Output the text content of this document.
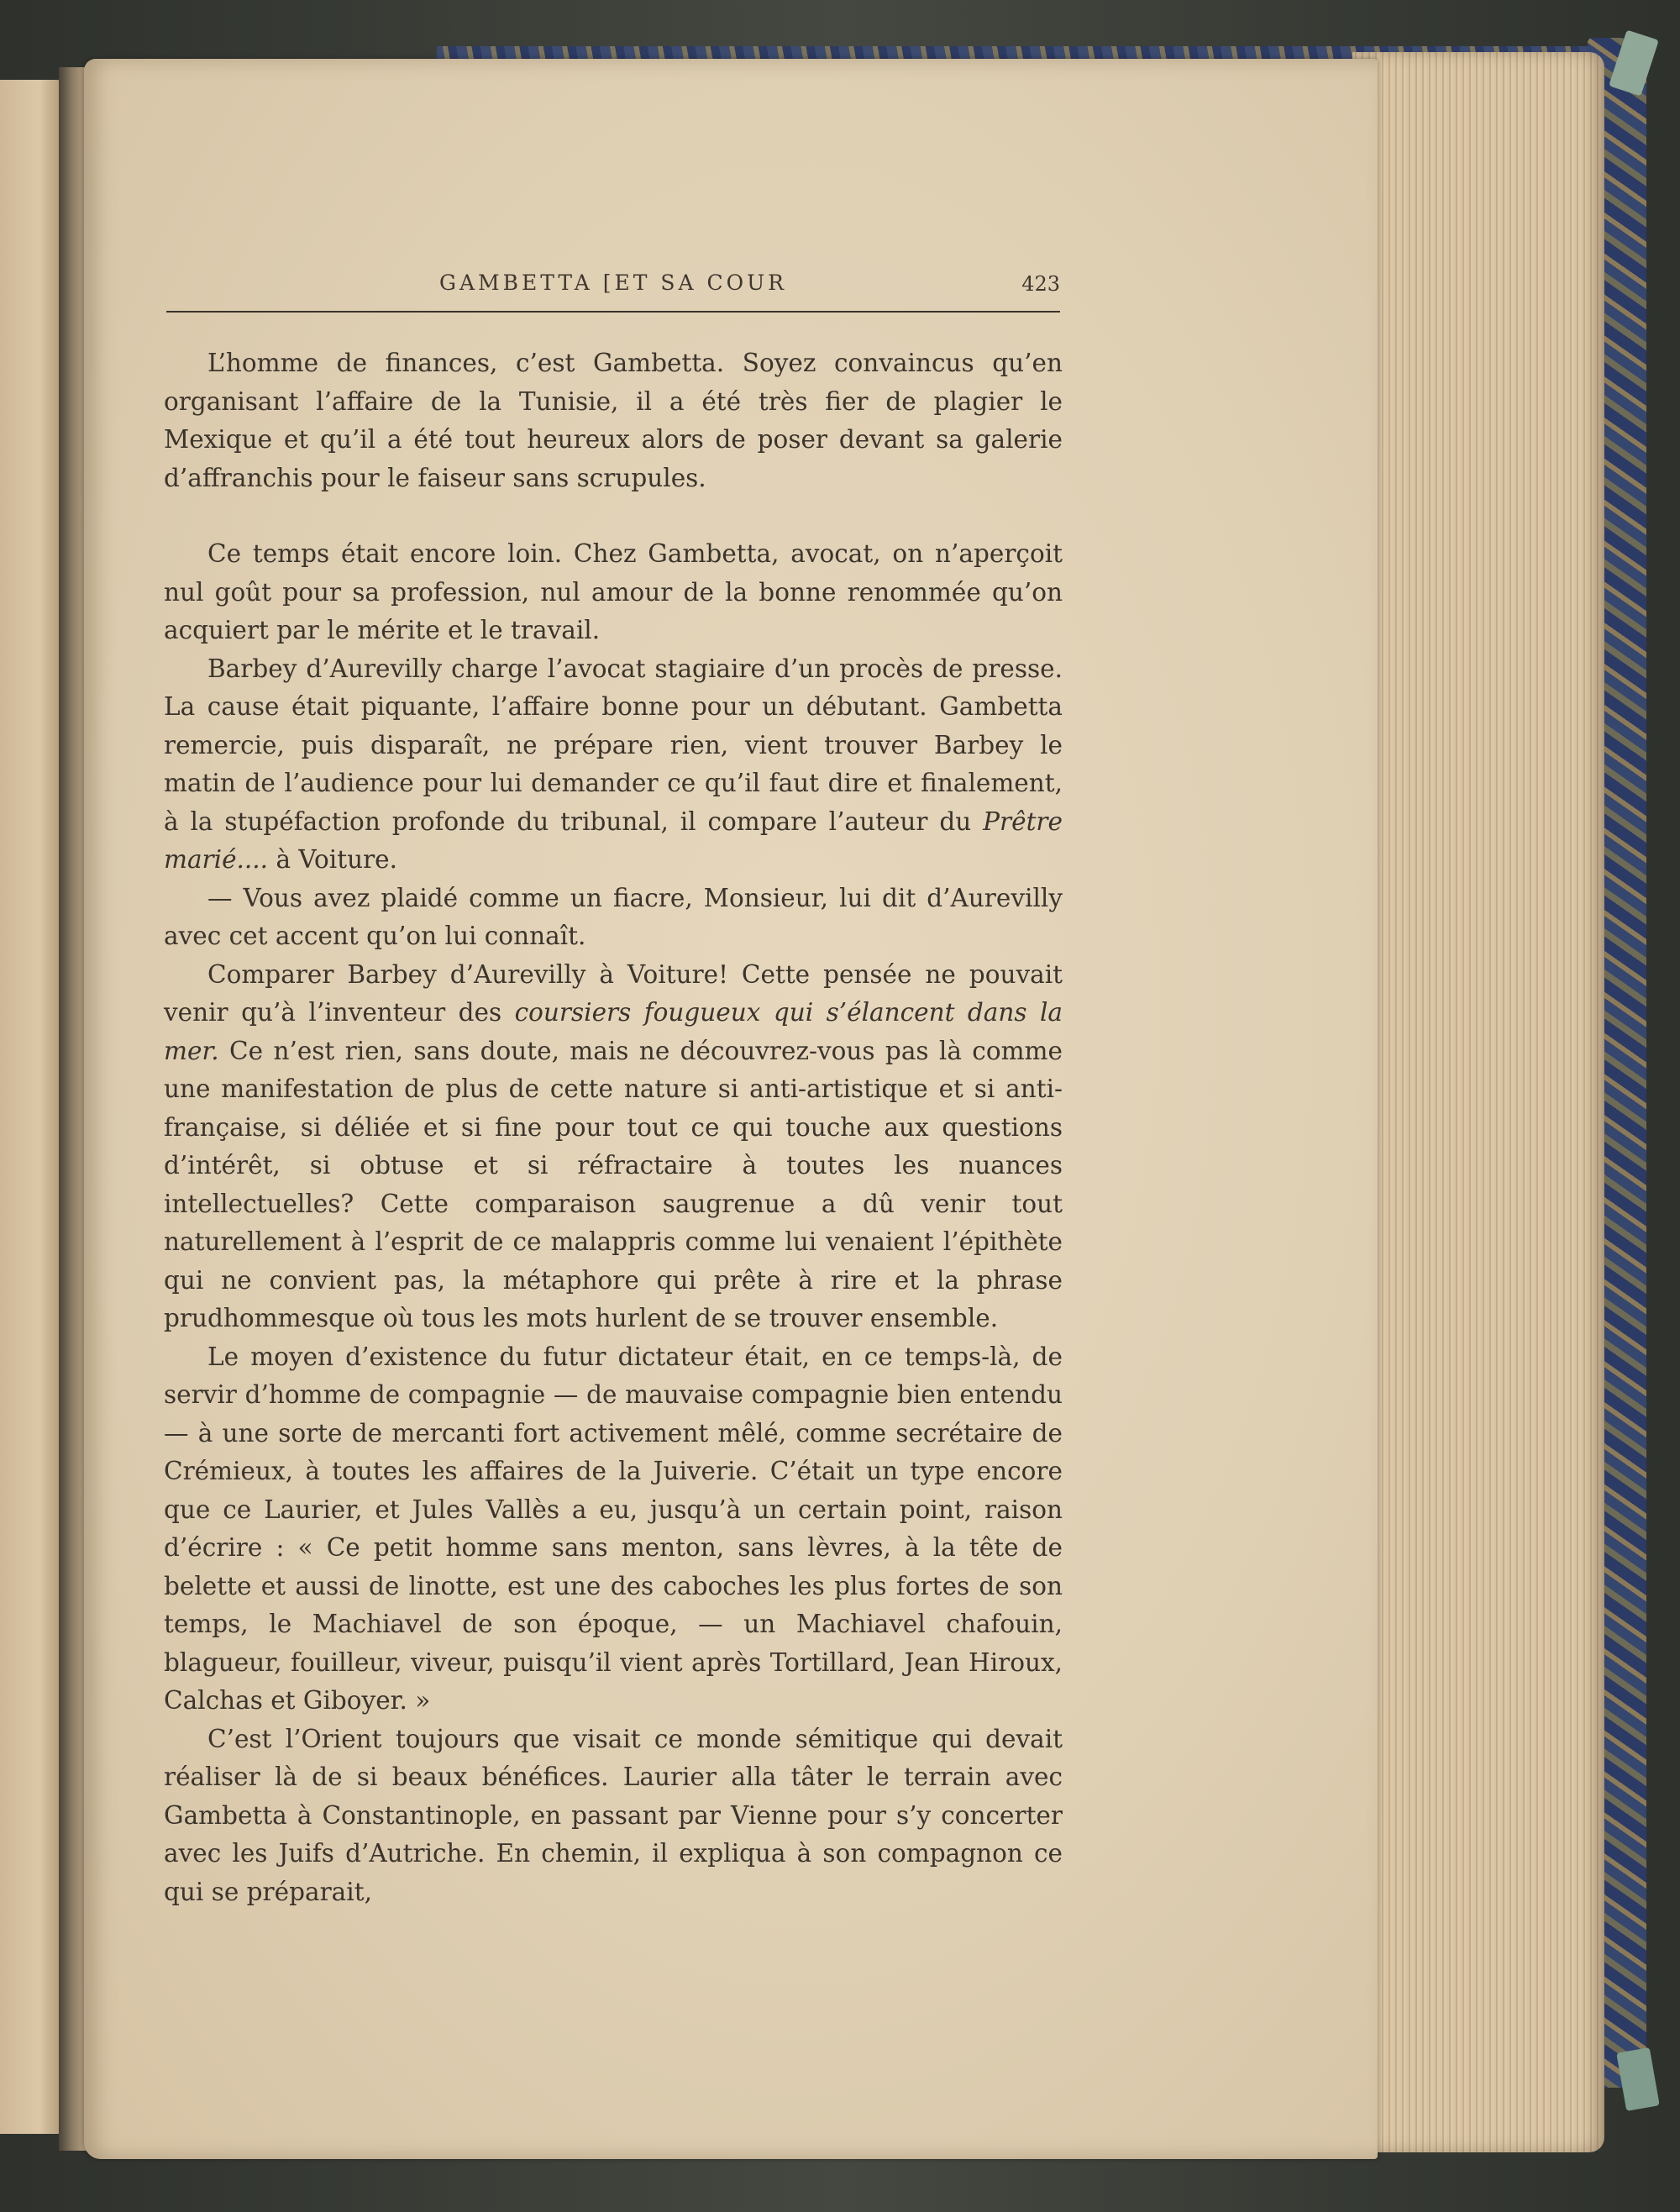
GAMBETTA [ET SA COUR	423

L’homme de finances, c’est Gambetta. Soyez convaincus qu’en organisant l’affaire de la Tunisie, il a été très fier de plagier le Mexique et qu’il a été tout heureux alors de poser devant sa galerie d’affranchis pour le faiseur sans scrupules.

Ce temps était encore loin. Chez Gambetta, avocat, on n’aperçoit nul goût pour sa profession, nul amour de la bonne renommée qu’on acquiert par le mérite et le travail.

Barbey d’Aurevilly charge l’avocat stagiaire d’un procès de presse. La cause était piquante, l’affaire bonne pour un débutant. Gambetta remercie, puis disparaît, ne prépare rien, vient trouver Barbey le matin de l’audience pour lui demander ce qu’il faut dire et finalement, à la stupéfaction profonde du tribunal, il compare l’auteur du Prêtre marié.... à Voiture.

— Vous avez plaidé comme un fiacre, Monsieur, lui dit d’Aurevilly avec cet accent qu’on lui connaît.

Comparer Barbey d’Aurevilly à Voiture! Cette pensée ne pouvait venir qu’à l’inventeur des coursiers fougueux qui s’élancent dans la mer. Ce n’est rien, sans doute, mais ne découvrez-vous pas là comme une manifestation de plus de cette nature si anti-artistique et si anti-française, si déliée et si fine pour tout ce qui touche aux questions d’intérêt, si obtuse et si réfractaire à toutes les nuances intellectuelles? Cette comparaison saugrenue a dû venir tout naturellement à l’esprit de ce malappris comme lui venaient l’épithète qui ne convient pas, la métaphore qui prête à rire et la phrase prudhommesque où tous les mots hurlent de se trouver ensemble.

Le moyen d’existence du futur dictateur était, en ce temps-là, de servir d’homme de compagnie — de mauvaise compagnie bien entendu — à une sorte de mercanti fort activement mêlé, comme secrétaire de Crémieux, à toutes les affaires de la Juiverie. C’était un type encore que ce Laurier, et Jules Vallès a eu, jusqu’à un certain point, raison d’écrire : « Ce petit homme sans menton, sans lèvres, à la tête de belette et aussi de linotte, est une des caboches les plus fortes de son temps, le Machiavel de son époque, — un Machiavel chafouin, blagueur, fouilleur, viveur, puisqu’il vient après Tortillard, Jean Hiroux, Calchas et Giboyer. »

C’est l’Orient toujours que visait ce monde sémitique qui devait réaliser là de si beaux bénéfices. Laurier alla tâter le terrain avec Gambetta à Constantinople, en passant par Vienne pour s’y concerter avec les Juifs d’Autriche. En chemin, il expliqua à son compagnon ce qui se préparait,
